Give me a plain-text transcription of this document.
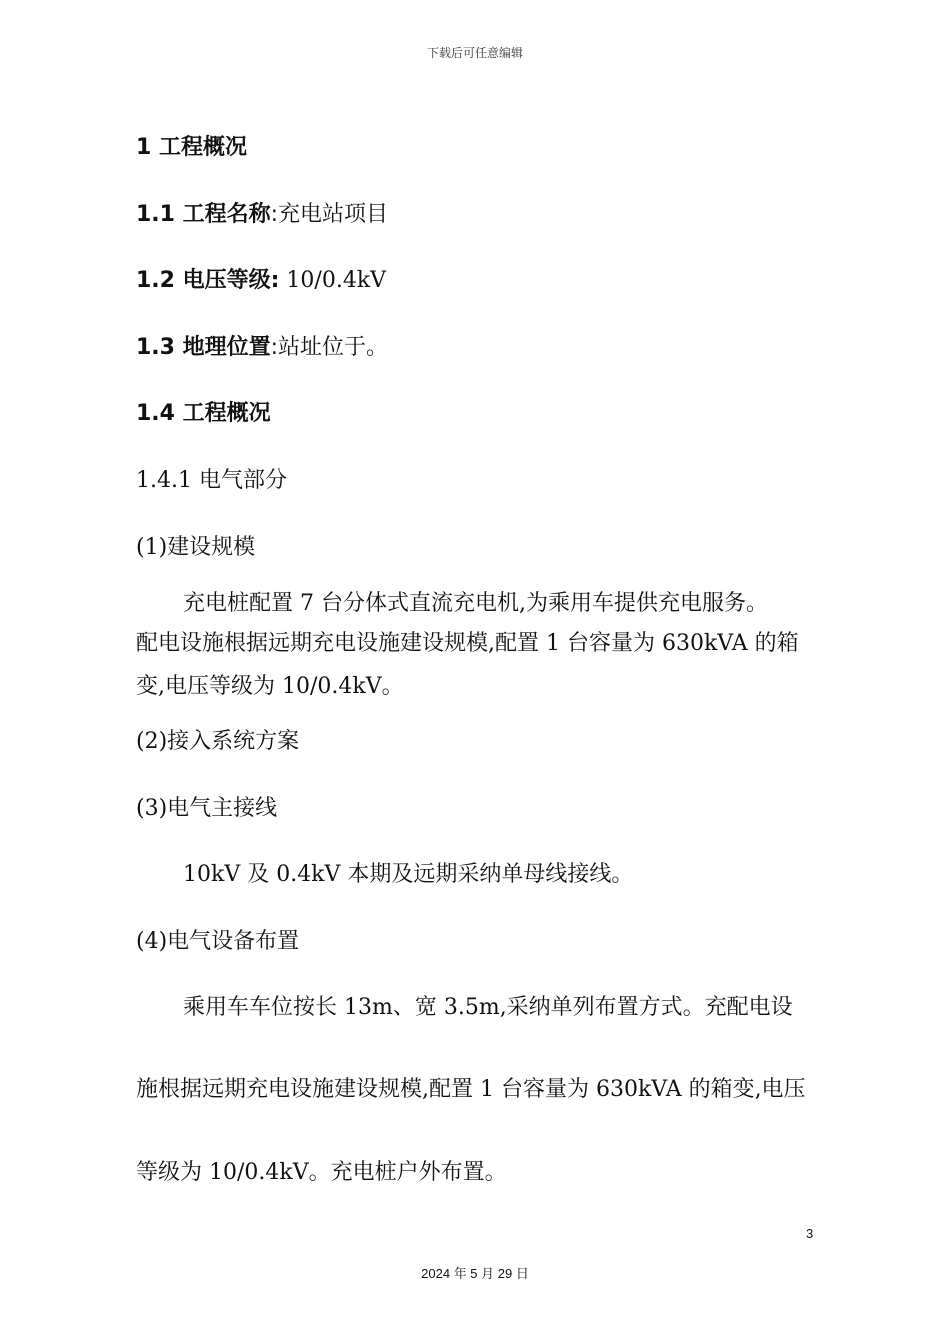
下载后可任意编辑
1 工程概况
1.1 工程名称:充电站项目
1.2 电压等级: 10/0.4kV
1.3 地理位置:站址位于。
1.4 工程概况
1.4.1 电气部分
(1)建设规模
充电桩配置 7 台分体式直流充电机,为乘用车提供充电服务。
配电设施根据远期充电设施建设规模,配置 1 台容量为 630kVA 的箱
变,电压等级为 10/0.4kV。
(2)接入系统方案
(3)电气主接线
10kV 及 0.4kV 本期及远期采纳单母线接线。
(4)电气设备布置
乘用车车位按长 13m、宽 3.5m,采纳单列布置方式。充配电设
施根据远期充电设施建设规模,配置 1 台容量为 630kVA 的箱变,电压
等级为 10/0.4kV。充电桩户外布置。
3
2024 年 5 月 29 日
